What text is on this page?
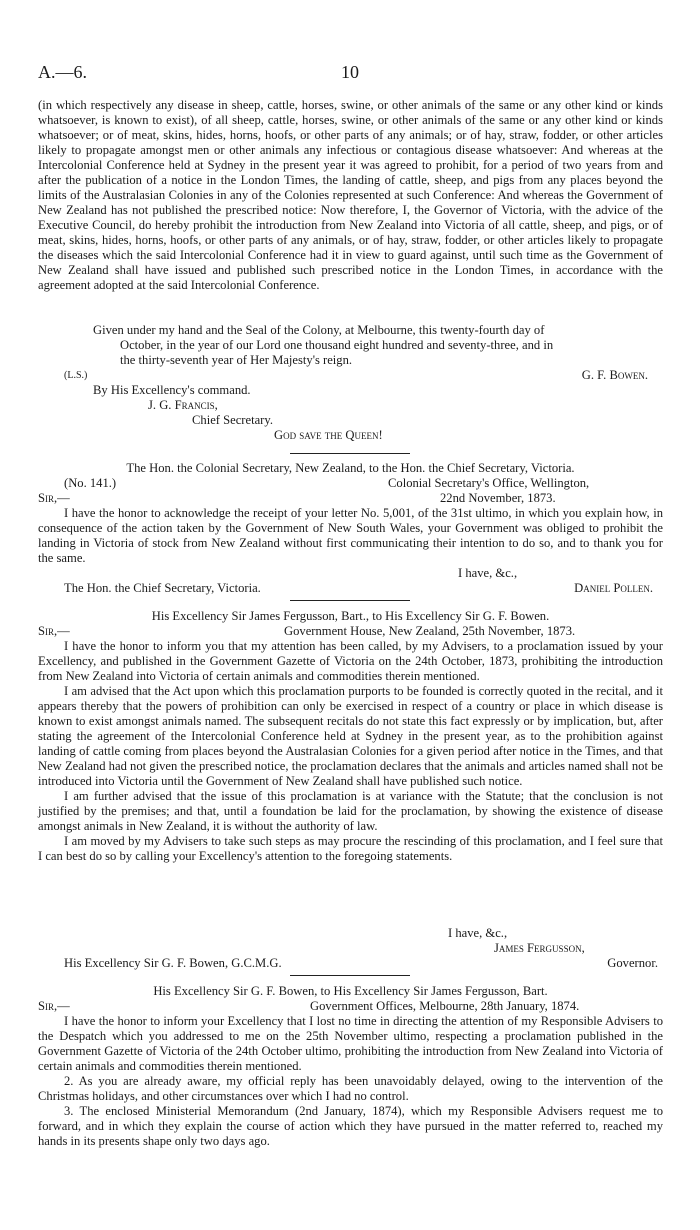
A.—6.	10
(in which respectively any disease in sheep, cattle, horses, swine, or other animals of the same or any other kind or kinds whatsoever, is known to exist), of all sheep, cattle, horses, swine, or other animals of the same or any other kind or kinds whatsoever; or of meat, skins, hides, horns, hoofs, or other parts of any animals; or of hay, straw, fodder, or other articles likely to propagate amongst men or other animals any infectious or contagious disease whatsoever: And whereas at the Intercolonial Conference held at Sydney in the present year it was agreed to prohibit, for a period of two years from and after the publication of a notice in the London Times, the landing of cattle, sheep, and pigs from any places beyond the limits of the Australasian Colonies in any of the Colonies represented at such Conference: And whereas the Government of New Zealand has not published the prescribed notice: Now therefore, I, the Governor of Victoria, with the advice of the Executive Council, do hereby prohibit the introduction from New Zealand into Victoria of all cattle, sheep, and pigs, or of meat, skins, hides, horns, hoofs, or other parts of any animals, or of hay, straw, fodder, or other articles likely to propagate the diseases which the said Intercolonial Conference had it in view to guard against, until such time as the Government of New Zealand shall have issued and published such prescribed notice in the London Times, in accordance with the agreement adopted at the said Intercolonial Conference.
Given under my hand and the Seal of the Colony, at Melbourne, this twenty-fourth day of
October, in the year of our Lord one thousand eight hundred and seventy-three, and in
the thirty-seventh year of Her Majesty's reign.
(L.S.)	G. F. Bowen.
By His Excellency's command.
J. G. Francis,
Chief Secretary.
God save the Queen!
The Hon. the Colonial Secretary, New Zealand, to the Hon. the Chief Secretary, Victoria.
(No. 141.)	Colonial Secretary's Office, Wellington,
Sir,—	22nd November, 1873.

I have the honor to acknowledge the receipt of your letter No. 5,001, of the 31st ultimo, in which you explain how, in consequence of the action taken by the Government of New South Wales, your Government was obliged to prohibit the landing in Victoria of stock from New Zealand without first communicating their intention to do so, and to thank you for the same.

I have, &c.,
The Hon. the Chief Secretary, Victoria.	Daniel Pollen.
His Excellency Sir James Fergusson, Bart., to His Excellency Sir G. F. Bowen.
Sir,—	Government House, New Zealand, 25th November, 1873.

I have the honor to inform you that my attention has been called, by my Advisers, to a proclamation issued by your Excellency, and published in the Government Gazette of Victoria on the 24th October, 1873, prohibiting the introduction from New Zealand into Victoria of certain animals and commodities therein mentioned.

I am advised that the Act upon which this proclamation purports to be founded is correctly quoted in the recital, and it appears thereby that the powers of prohibition can only be exercised in respect of a country or place in which disease is known to exist amongst animals named. The subsequent recitals do not state this fact expressly or by implication, but, after stating the agreement of the Intercolonial Conference held at Sydney in the present year, as to the prohibition against landing of cattle coming from places beyond the Australasian Colonies for a given period after notice in the Times, and that New Zealand had not given the prescribed notice, the proclamation declares that the animals and articles named shall not be introduced into Victoria until the Government of New Zealand shall have published such notice.

I am further advised that the issue of this proclamation is at variance with the Statute; that the conclusion is not justified by the premises; and that, until a foundation be laid for the proclamation, by showing the existence of disease amongst animals in New Zealand, it is without the authority of law.

I am moved by my Advisers to take such steps as may procure the rescinding of this proclamation, and I feel sure that I can best do so by calling your Excellency's attention to the foregoing statements.

I have, &c.,
James Fergusson,
His Excellency Sir G. F. Bowen, G.C.M.G.	Governor.
His Excellency Sir G. F. Bowen, to His Excellency Sir James Fergusson, Bart.
Sir,—	Government Offices, Melbourne, 28th January, 1874.

I have the honor to inform your Excellency that I lost no time in directing the attention of my Responsible Advisers to the Despatch which you addressed to me on the 25th November ultimo, respecting a proclamation published in the Government Gazette of Victoria of the 24th October ultimo, prohibiting the introduction from New Zealand into Victoria of certain animals and commodities therein mentioned.

2. As you are already aware, my official reply has been unavoidably delayed, owing to the intervention of the Christmas holidays, and other circumstances over which I had no control.

3. The enclosed Ministerial Memorandum (2nd January, 1874), which my Responsible Advisers request me to forward, and in which they explain the course of action which they have pursued in the matter referred to, reached my hands in its presents shape only two days ago.
